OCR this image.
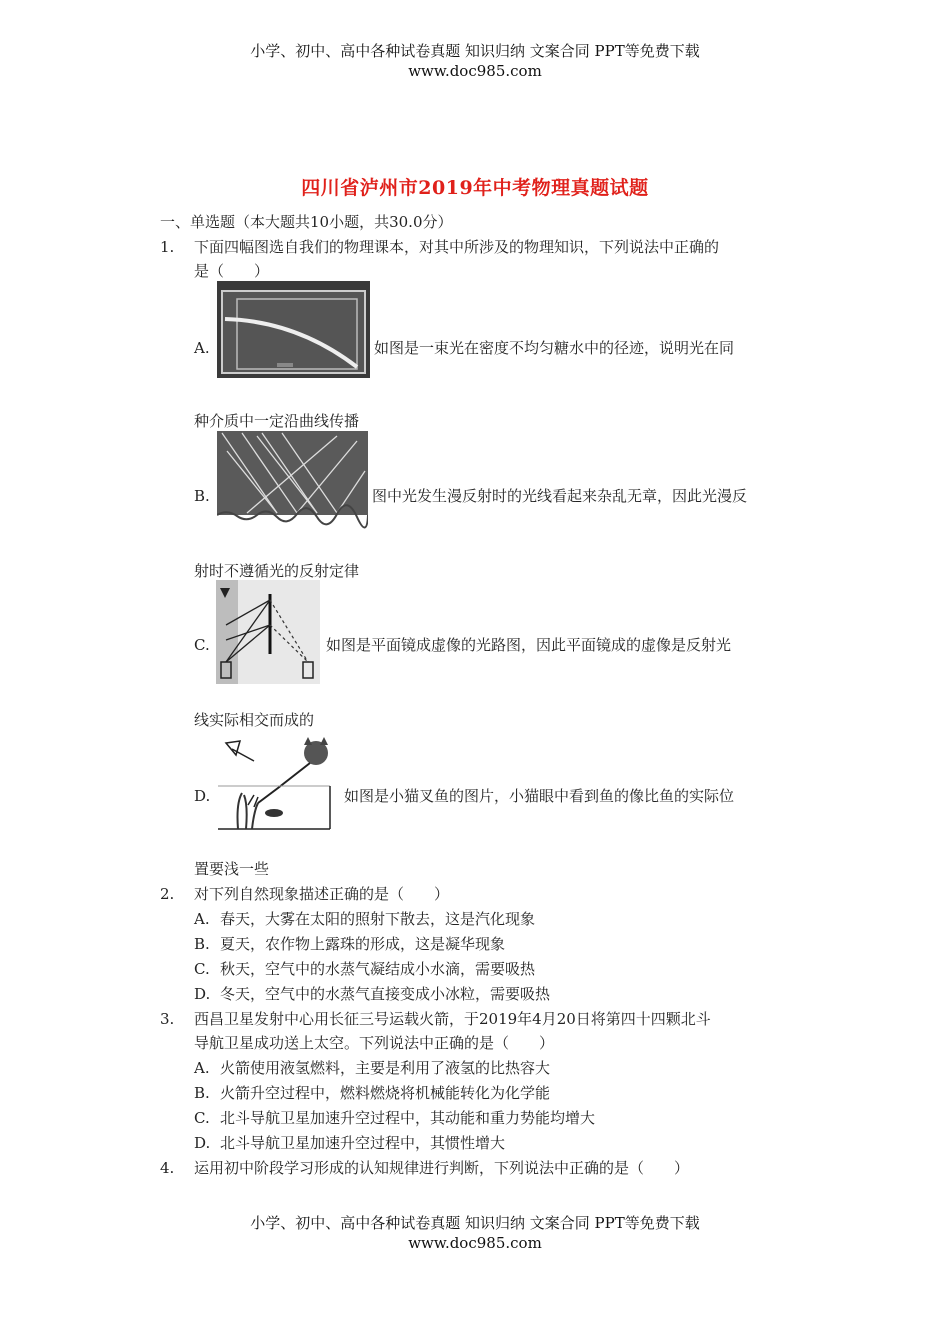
小学、初中、高中各种试卷真题 知识归纳 文案合同 PPT等免费下载
www.doc985.com
四川省泸州市2019年中考物理真题试题
一、单选题（本大题共10小题，共30.0分）
1. 下面四幅图选自我们的物理课本，对其中所涉及的物理知识，下列说法中正确的
是（　　）
A.	如图是一束光在密度不均匀糖水中的径迹，说明光在同
种介质中一定沿曲线传播
B.	图中光发生漫反射时的光线看起来杂乱无章，因此光漫反
射时不遵循光的反射定律
C.	如图是平面镜成虚像的光路图，因此平面镜成的虚像是反射光
线实际相交而成的
D.	如图是小猫叉鱼的图片，小猫眼中看到鱼的像比鱼的实际位
置要浅一些
2. 对下列自然现象描述正确的是（　　）
A. 春天，大雾在太阳的照射下散去，这是汽化现象
B. 夏天，农作物上露珠的形成，这是凝华现象
C. 秋天，空气中的水蒸气凝结成小水滴，需要吸热
D. 冬天，空气中的水蒸气直接变成小冰粒，需要吸热
3. 西昌卫星发射中心用长征三号运载火箭，于2019年4月20日将第四十四颗北斗
导航卫星成功送上太空。下列说法中正确的是（　　）
A. 火箭使用液氢燃料，主要是利用了液氢的比热容大
B. 火箭升空过程中，燃料燃烧将机械能转化为化学能
C. 北斗导航卫星加速升空过程中，其动能和重力势能均增大
D. 北斗导航卫星加速升空过程中，其惯性增大
4. 运用初中阶段学习形成的认知规律进行判断，下列说法中正确的是（　　）
小学、初中、高中各种试卷真题 知识归纳 文案合同 PPT等免费下载
www.doc985.com
